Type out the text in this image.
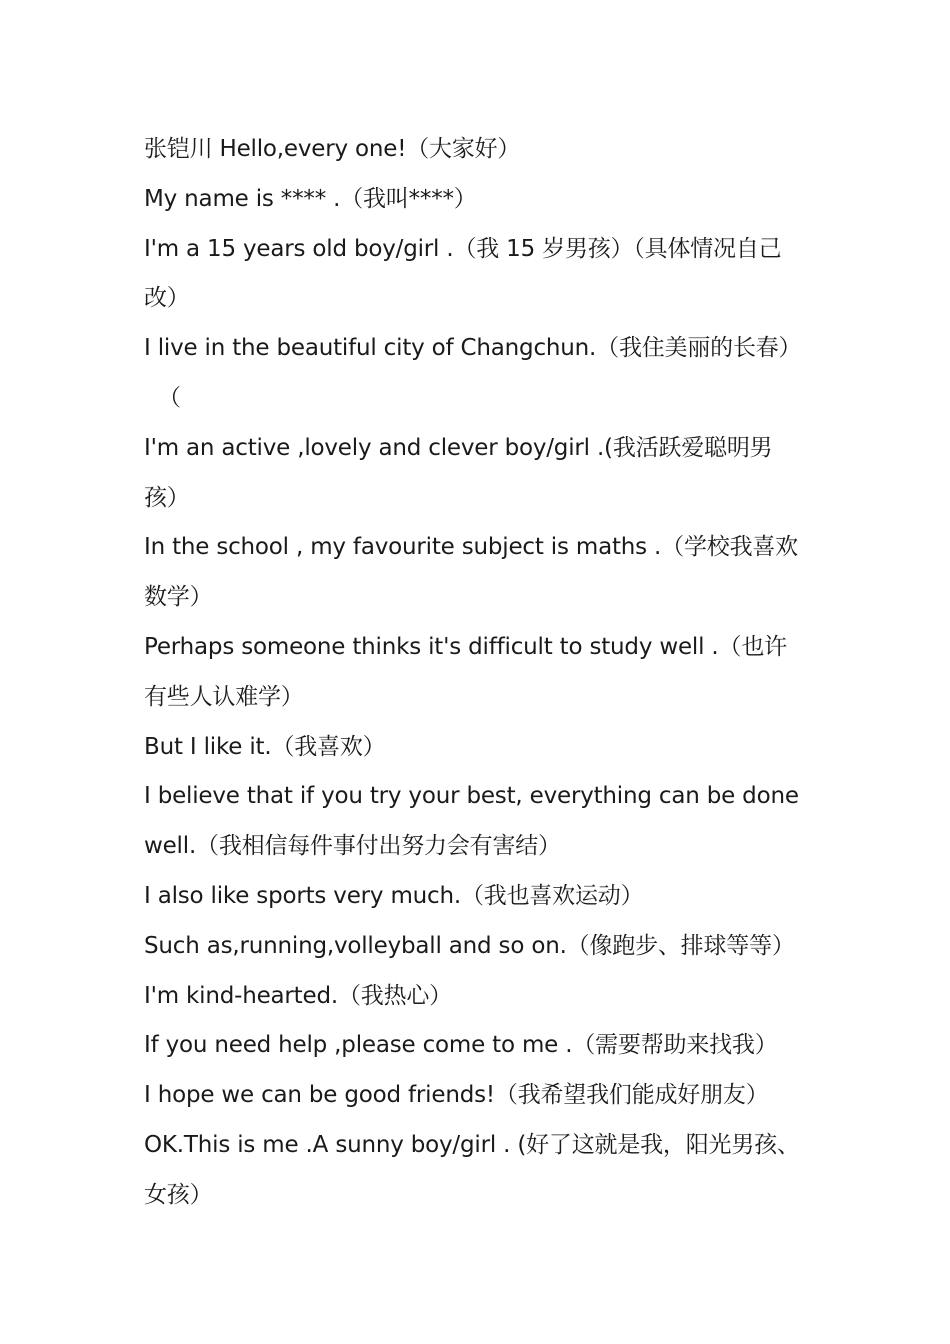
张铠川 Hello,every one!（大家好）
My name is **** .（我叫****）
I'm a 15 years old boy/girl .（我 15 岁男孩）（具体情况自己
改）
I live in the beautiful city of Changchun.（我住美丽的长春）
（
I'm an active ,lovely and clever boy/girl .(我活跃爱聪明男
孩）
In the school , my favourite subject is maths .（学校我喜欢
数学）
Perhaps someone thinks it's difficult to study well .（也许
有些人认难学）
But I like it.（我喜欢）
I believe that if you try your best, everything can be done
well.（我相信每件事付出努力会有害结）
I also like sports very much.（我也喜欢运动）
Such as,running,volleyball and so on.（像跑步、排球等等）
I'm kind-hearted.（我热心）
If you need help ,please come to me .（需要帮助来找我）
I hope we can be good friends!（我希望我们能成好朋友）
OK.This is me .A sunny boy/girl . (好了这就是我，阳光男孩、
女孩）
